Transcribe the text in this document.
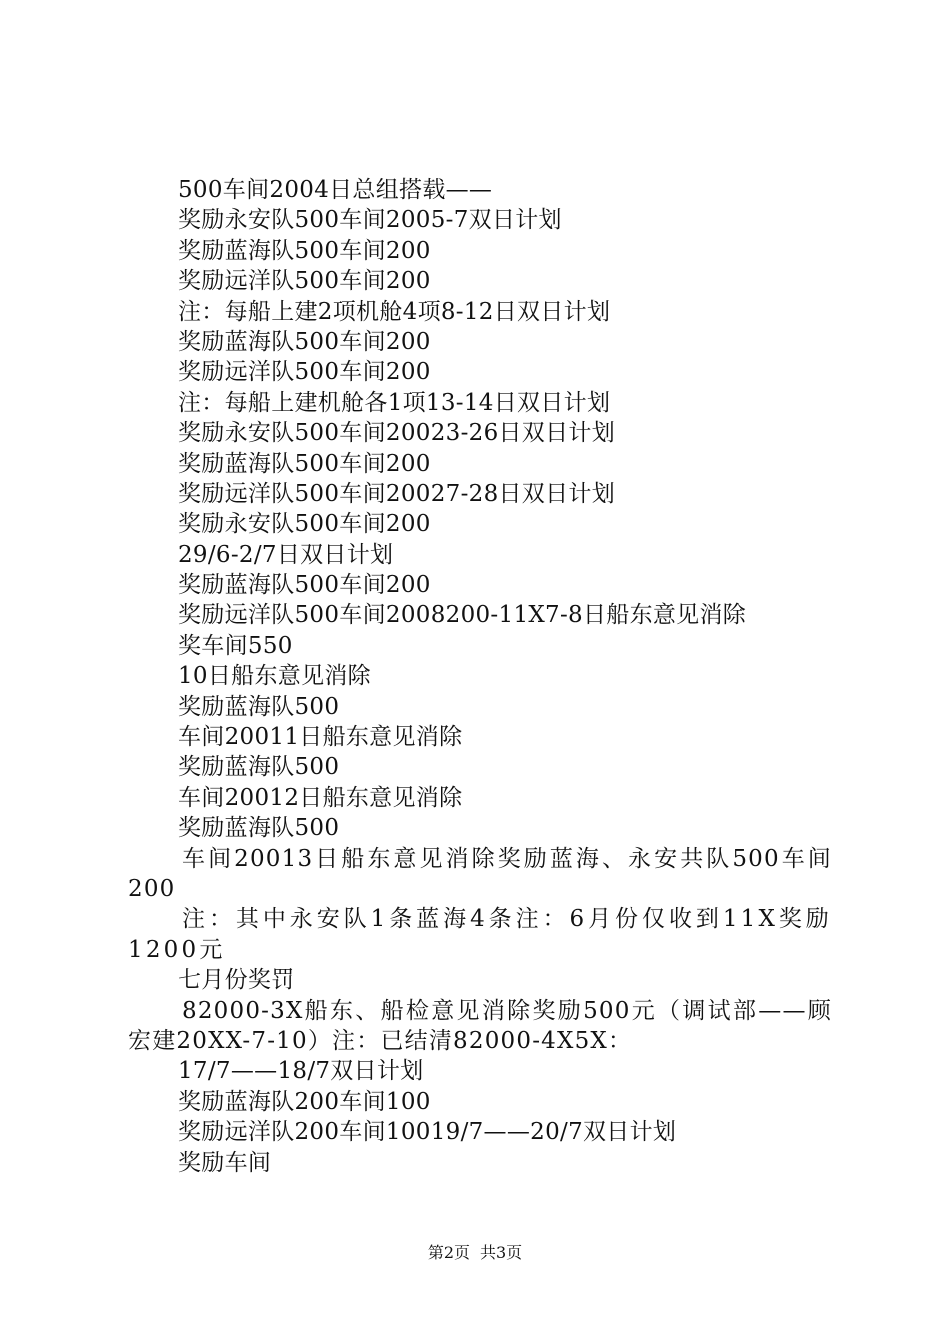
500车间2004日总组搭载——
奖励永安队500车间2005-7双日计划
奖励蓝海队500车间200
奖励远洋队500车间200
注：每船上建2项机舱4项8-12日双日计划
奖励蓝海队500车间200
奖励远洋队500车间200
注：每船上建机舱各1项13-14日双日计划
奖励永安队500车间20023-26日双日计划
奖励蓝海队500车间200
奖励远洋队500车间20027-28日双日计划
奖励永安队500车间200
29/6-2/7日双日计划
奖励蓝海队500车间200
奖励远洋队500车间2008200-11X7-8日船东意见消除
奖车间550
10日船东意见消除
奖励蓝海队500
车间20011日船东意见消除
奖励蓝海队500
车间20012日船东意见消除
奖励蓝海队500

车间20013日船东意见消除奖励蓝海、永安共队500车间200

注：其中永安队1条蓝海4条注：6月份仅收到11X奖励1200元

七月份奖罚

82000-3X船东、船检意见消除奖励500元（调试部——顾宏建20XX-7-10）注：已结清82000-4X5X：

17/7——18/7双日计划
奖励蓝海队200车间100
奖励远洋队200车间10019/7——20/7双日计划
奖励车间
第2页 共3页
